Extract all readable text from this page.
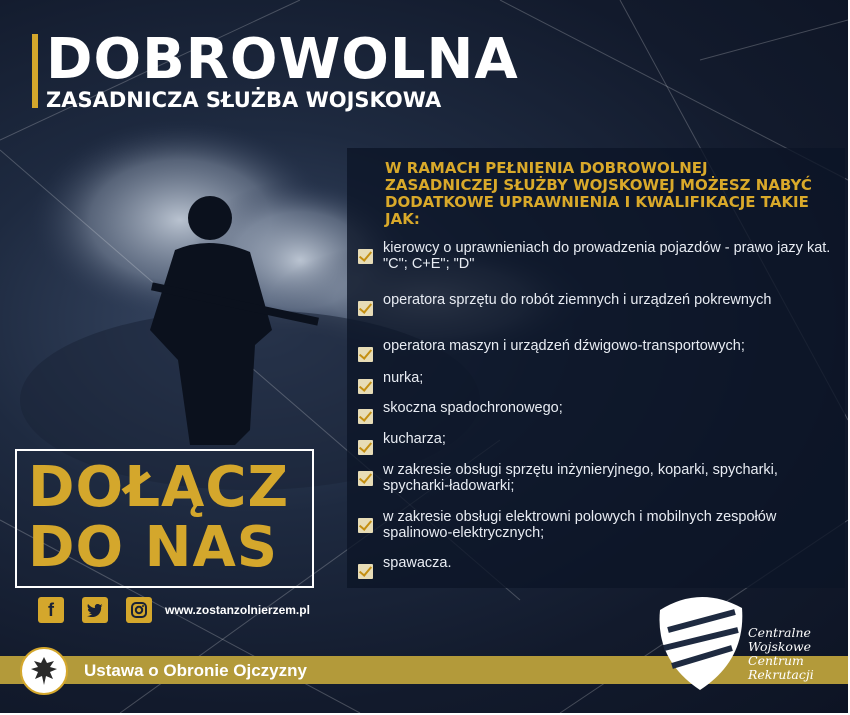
DOBROWOLNA
ZASADNICZA SŁUŻBA WOJSKOWA
W RAMACH PEŁNIENIA DOBROWOLNEJ ZASADNICZEJ SŁUŻBY WOJSKOWEJ MOŻESZ NABYĆ DODATKOWE UPRAWNIENIA I KWALIFIKACJE TAKIE JAK:
kierowcy o uprawnieniach do prowadzenia pojazdów - prawo jazy kat. "C"; C+E"; "D"
operatora sprzętu do robót ziemnych i urządzeń pokrewnych
operatora maszyn i urządzeń dźwigowo-transportowych;
nurka;
skoczna spadochronowego;
kucharza;
w zakresie obsługi sprzętu inżynieryjnego, koparki, spycharki, spycharki-ładowarki;
w zakresie obsługi elektrowni polowych i mobilnych zespołów spalinowo-elektrycznych;
spawacza.
DOŁĄCZ
DO NAS
f	www.zostanzolnierzem.pl
Ustawa o Obronie Ojczyzny
Centralne
Wojskowe
Centrum
Rekrutacji
